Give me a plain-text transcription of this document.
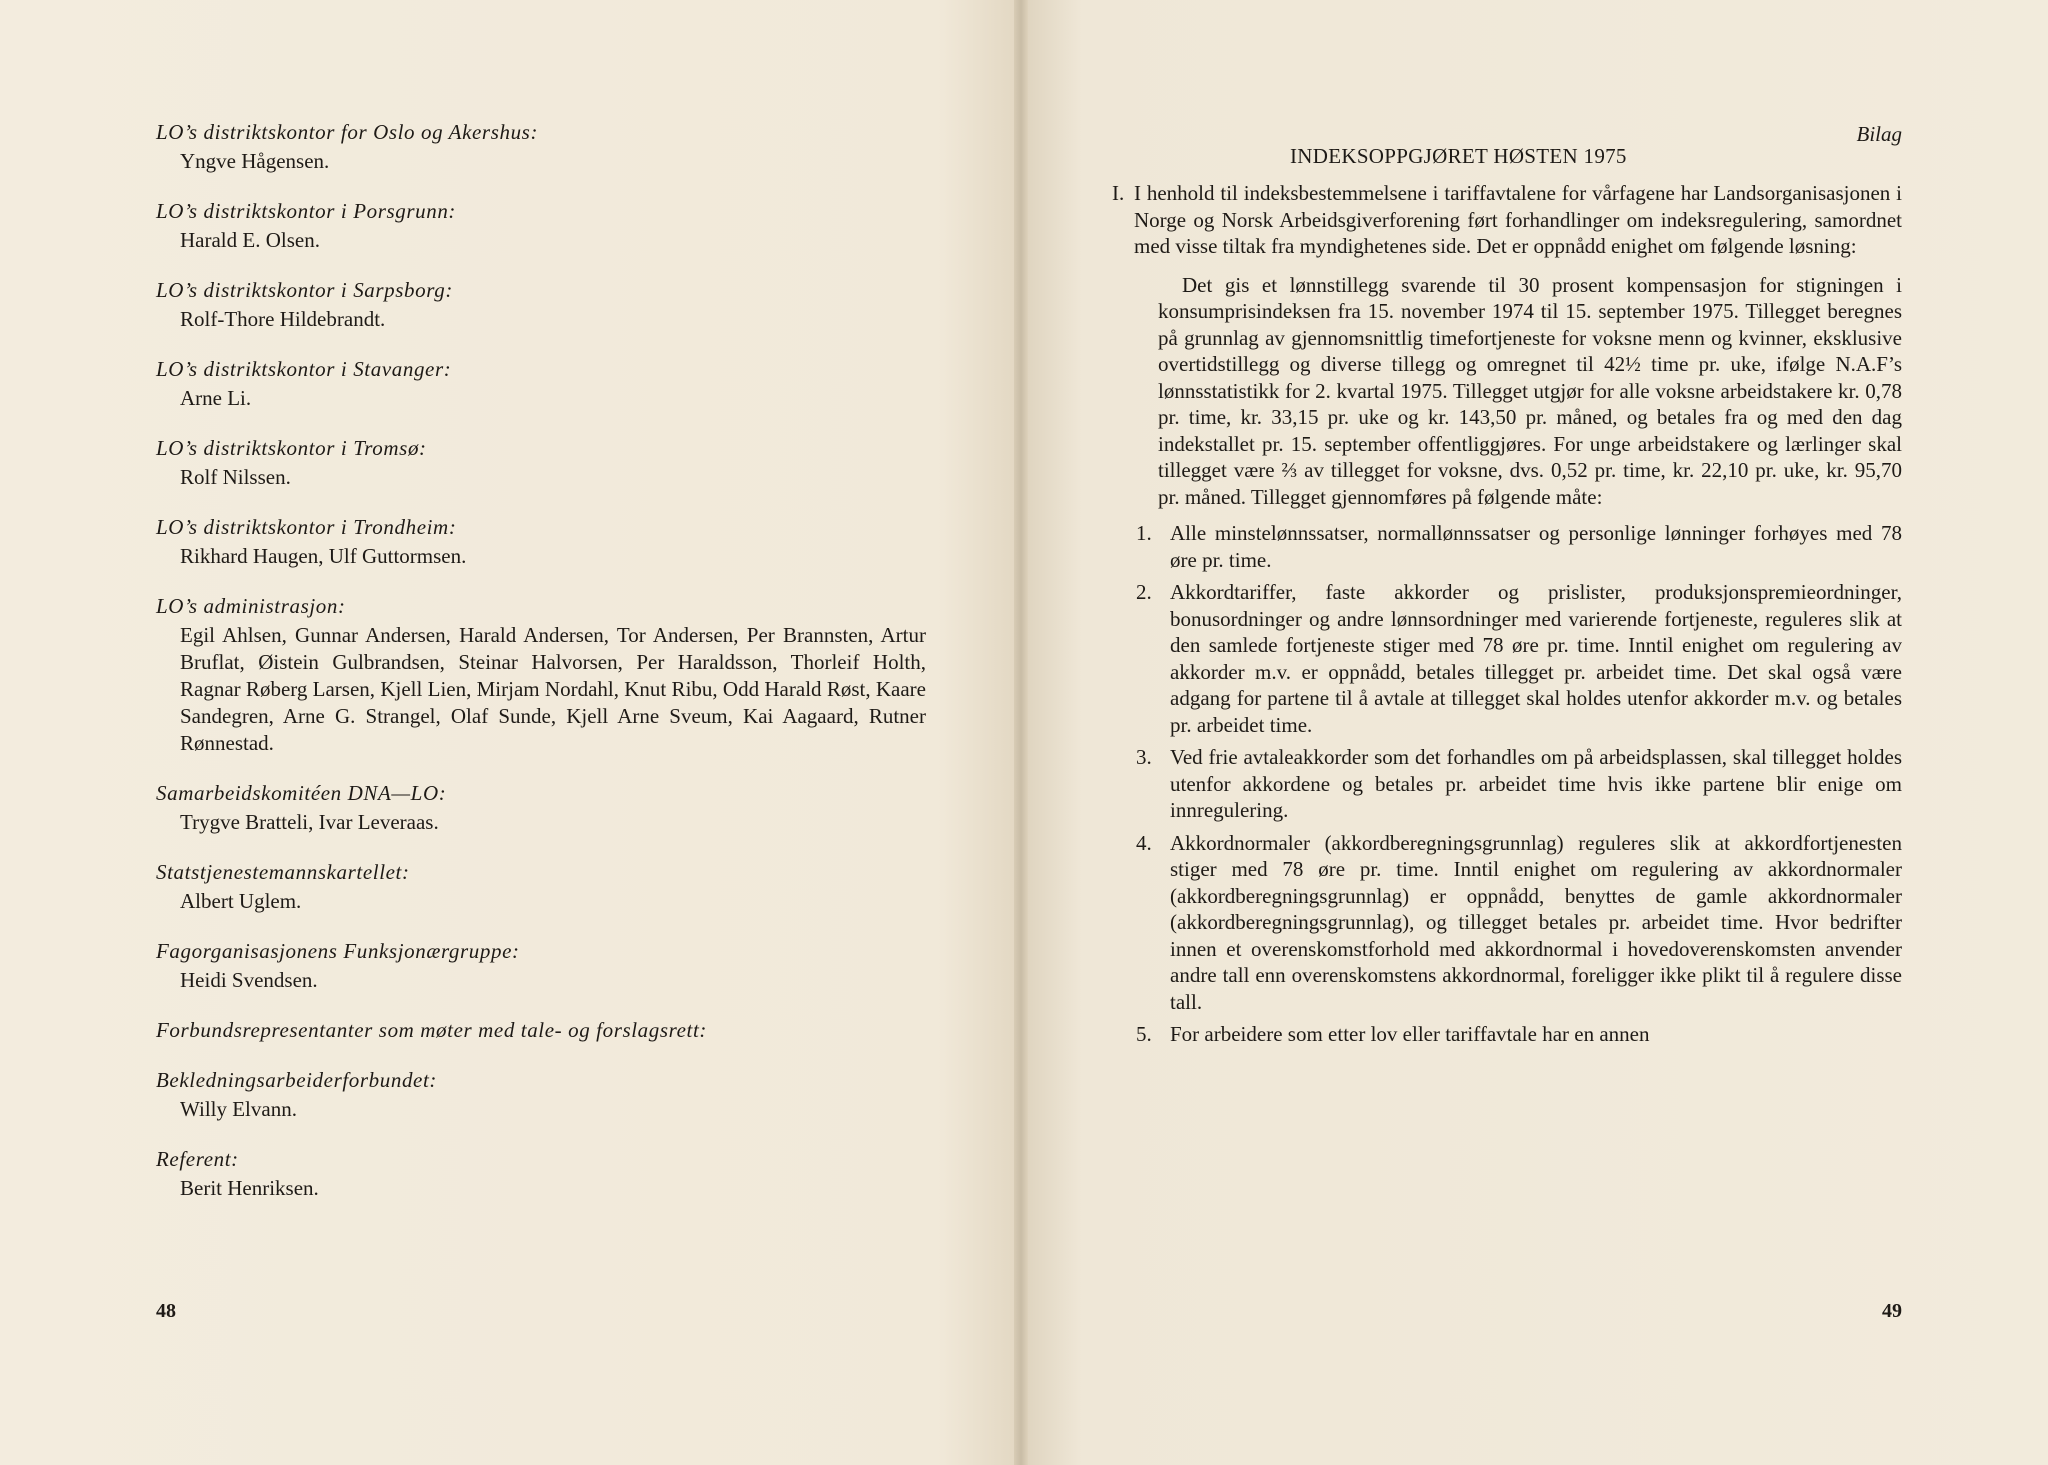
LO’s distriktskontor for Oslo og Akershus:

Yngve Hågensen.

LO’s distriktskontor i Porsgrunn:

Harald E. Olsen.

LO’s distriktskontor i Sarpsborg:

Rolf-Thore Hildebrandt.

LO’s distriktskontor i Stavanger:

Arne Li.

LO’s distriktskontor i Tromsø:

Rolf Nilssen.

LO’s distriktskontor i Trondheim:

Rikhard Haugen, Ulf Guttormsen.

LO’s administrasjon:

Egil Ahlsen, Gunnar Andersen, Harald Andersen, Tor Andersen, Per Brannsten, Artur Bruflat, Øistein Gulbrandsen, Steinar Halvorsen, Per Haraldsson, Thorleif Holth, Ragnar Røberg Larsen, Kjell Lien, Mirjam Nordahl, Knut Ribu, Odd Harald Røst, Kaare Sandegren, Arne G. Strangel, Olaf Sunde, Kjell Arne Sveum, Kai Aagaard, Rutner Rønnestad.

Samarbeidskomitéen DNA—LO:

Trygve Bratteli, Ivar Leveraas.

Statstjenestemannskartellet:

Albert Uglem.

Fagorganisasjonens Funksjonærgruppe:

Heidi Svendsen.

Forbundsrepresentanter som møter med tale- og forslagsrett:

Bekledningsarbeiderforbundet:

Willy Elvann.

Referent:

Berit Henriksen.

48
Bilag
INDEKSOPPGJØRET HØSTEN 1975
I. I henhold til indeksbestemmelsene i tariffavtalene for vårfagene har Landsorganisasjonen i Norge og Norsk Arbeidsgiverforening ført forhandlinger om indeksregulering, samordnet med visse tiltak fra myndighetenes side. Det er oppnådd enighet om følgende løsning:
Det gis et lønnstillegg svarende til 30 prosent kompensasjon for stigningen i konsumprisindeksen fra 15. november 1974 til 15. september 1975. Tillegget beregnes på grunnlag av gjennomsnittlig timefortjeneste for voksne menn og kvinner, eksklusive overtidstillegg og diverse tillegg og omregnet til 42½ time pr. uke, ifølge N.A.F’s lønnsstatistikk for 2. kvartal 1975. Tillegget utgjør for alle voksne arbeidstakere kr. 0,78 pr. time, kr. 33,15 pr. uke og kr. 143,50 pr. måned, og betales fra og med den dag indekstallet pr. 15. september offentliggjøres. For unge arbeidstakere og lærlinger skal tillegget være ⅔ av tillegget for voksne, dvs. 0,52 pr. time, kr. 22,10 pr. uke, kr. 95,70 pr. måned. Tillegget gjennomføres på følgende måte:
1. Alle minstelønnssatser, normallønnssatser og personlige lønninger forhøyes med 78 øre pr. time.
2. Akkordtariffer, faste akkorder og prislister, produksjonspremieordninger, bonusordninger og andre lønnsordninger med varierende fortjeneste, reguleres slik at den samlede fortjeneste stiger med 78 øre pr. time. Inntil enighet om regulering av akkorder m.v. er oppnådd, betales tillegget pr. arbeidet time. Det skal også være adgang for partene til å avtale at tillegget skal holdes utenfor akkorder m.v. og betales pr. arbeidet time.
3. Ved frie avtaleakkorder som det forhandles om på arbeidsplassen, skal tillegget holdes utenfor akkordene og betales pr. arbeidet time hvis ikke partene blir enige om innregulering.
4. Akkordnormaler (akkordberegningsgrunnlag) reguleres slik at akkordfortjenesten stiger med 78 øre pr. time. Inntil enighet om regulering av akkordnormaler (akkordberegningsgrunnlag) er oppnådd, benyttes de gamle akkordnormaler (akkordberegningsgrunnlag), og tillegget betales pr. arbeidet time. Hvor bedrifter innen et overenskomstforhold med akkordnormal i hovedoverenskomsten anvender andre tall enn overenskomstens akkordnormal, foreligger ikke plikt til å regulere disse tall.
5. For arbeidere som etter lov eller tariffavtale har en annen
49
